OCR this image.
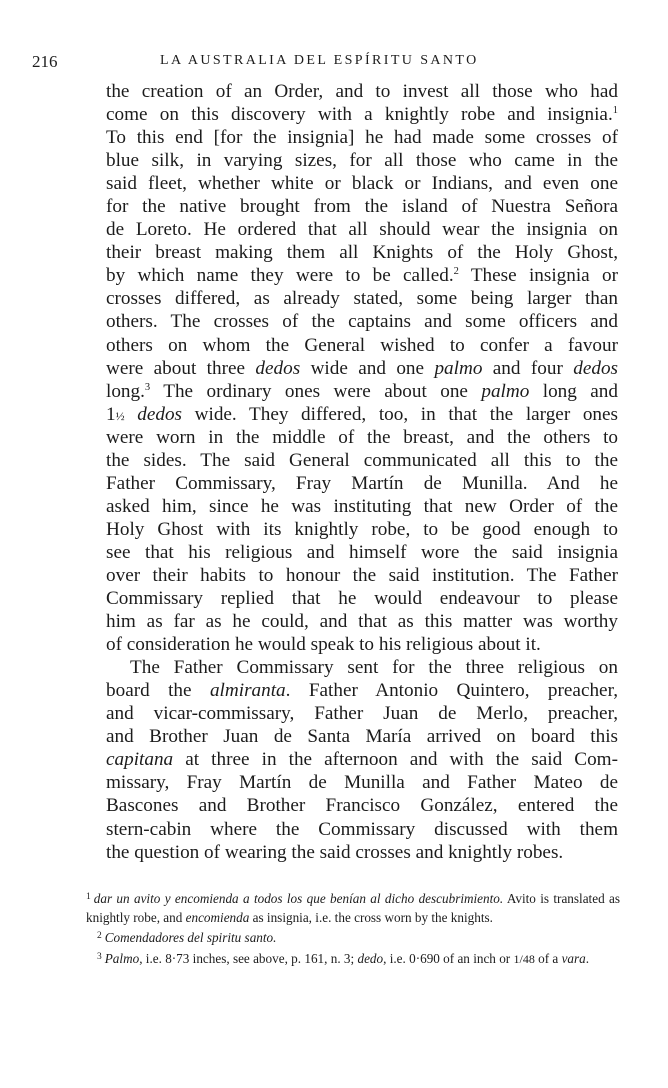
216	LA AUSTRALIA DEL ESPÍRITU SANTO
the creation of an Order, and to invest all those who had
come on this discovery with a knightly robe and insignia.$^1$
To this end [for the insignia] he had made some crosses of
blue silk, in varying sizes, for all those who came in the
said fleet, whether white or black or Indians, and even one
for the native brought from the island of Nuestra Señora
de Loreto. He ordered that all should wear the insignia on
their breast making them all Knights of the Holy Ghost,
by which name they were to be called.$^2$ These insignia or
crosses differed, as already stated, some being larger than
others. The crosses of the captains and some officers and
others on whom the General wished to confer a favour
were about three dedos wide and one palmo and four dedos
long.$^3$ The ordinary ones were about one palmo long and
1½ dedos wide. They differed, too, in that the larger ones
were worn in the middle of the breast, and the others to
the sides. The said General communicated all this to the
Father Commissary, Fray Martín de Munilla. And he
asked him, since he was instituting that new Order of the
Holy Ghost with its knightly robe, to be good enough to
see that his religious and himself wore the said insignia
over their habits to honour the said institution. The Father
Commissary replied that he would endeavour to please
him as far as he could, and that as this matter was worthy
of consideration he would speak to his religious about it.
The Father Commissary sent for the three religious on
board the almiranta. Father Antonio Quintero, preacher,
and vicar-commissary, Father Juan de Merlo, preacher,
and Brother Juan de Santa María arrived on board this
capitana at three in the afternoon and with the said Com-
missary, Fray Martín de Munilla and Father Mateo de
Bascones and Brother Francisco González, entered the
stern-cabin where the Commissary discussed with them
the question of wearing the said crosses and knightly robes.
$^1$ dar un avito y encomienda a todos los que benían al dicho descubrimiento. Avito is translated as knightly robe, and encomienda as insignia, i.e. the cross worn by the knights.
$^2$ Comendadores del spiritu santo.
$^3$ Palmo, i.e. 8·73 inches, see above, p. 161, n. 3; dedo, i.e. 0·690 of an inch or 1/48 of a vara.
